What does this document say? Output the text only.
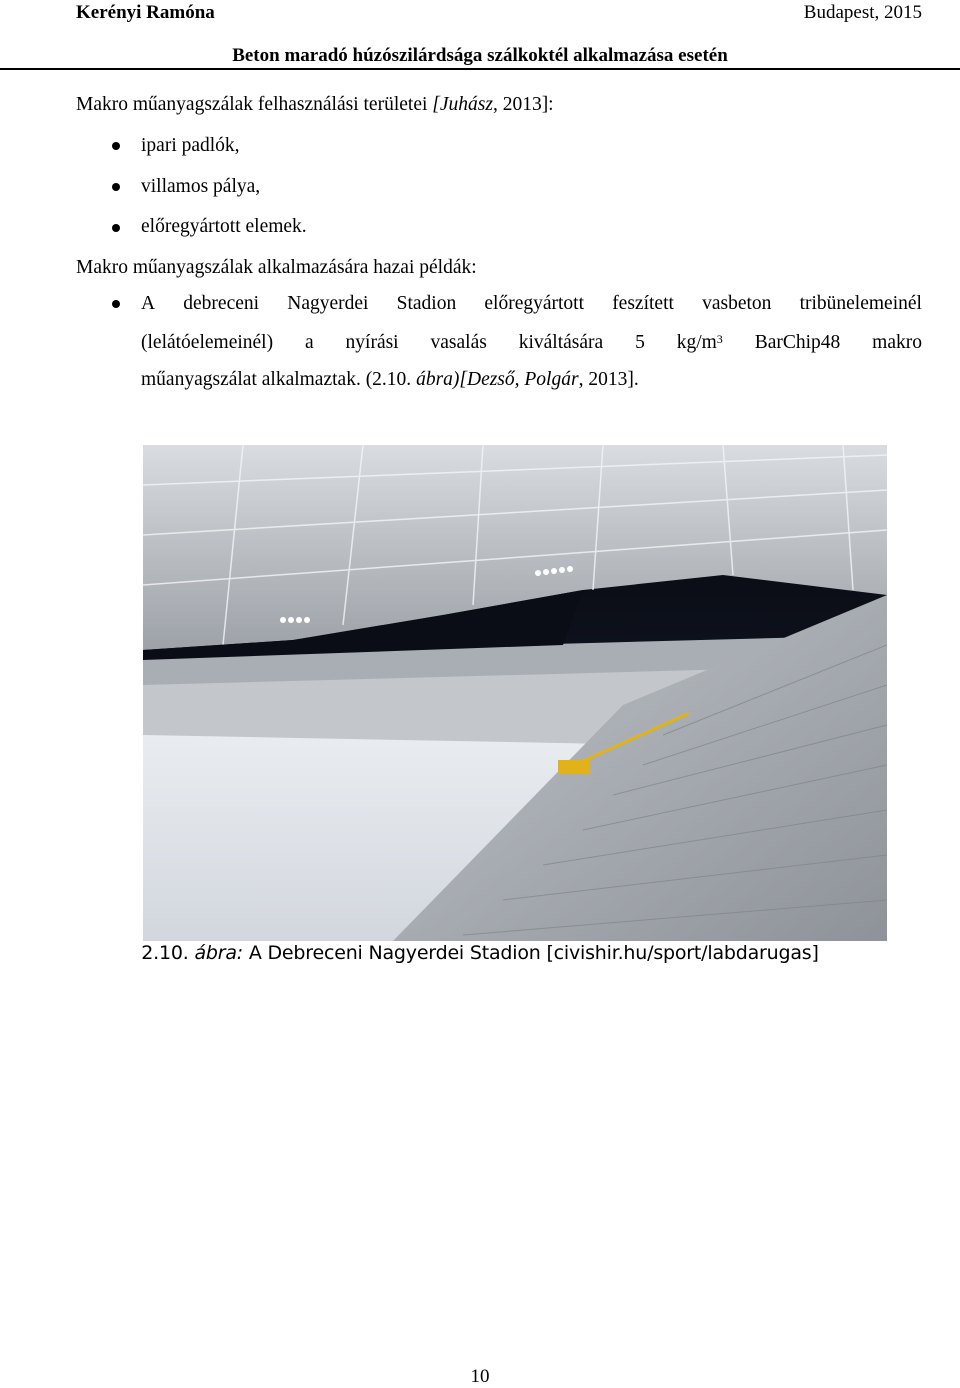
Kerényi Ramóna	Budapest, 2015
Beton maradó húzószilárdsága szálkoktél alkalmazása esetén
Makro műanyagszálak felhasználási területei [Juhász, 2013]:
ipari padlók,
villamos pálya,
előregyártott elemek.
Makro műanyagszálak alkalmazására hazai példák:
A debreceni Nagyerdei Stadion előregyártott feszített vasbeton tribünelemeinél
(lelátóelemeinél) a nyírási vasalás kiváltására 5 $kg/m^3$ BarChip48 makro
műanyagszálat alkalmaztak. (2.10. ábra)[Dezső, Polgár, 2013].
2.10. ábra: A Debreceni Nagyerdei Stadion [civishir.hu/sport/labdarugas]
10
